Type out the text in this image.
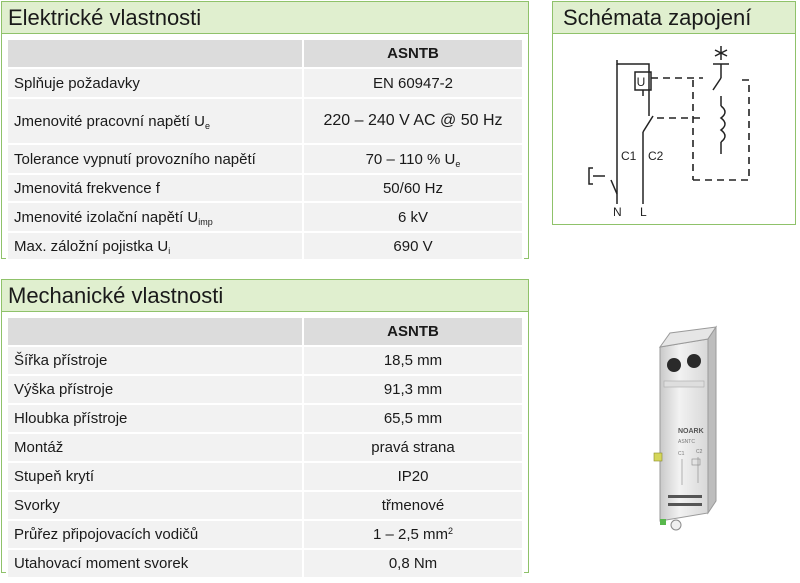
Elektrické vlastnosti
	ASNTB
Splňuje požadavky	EN 60947-2
Jmenovité pracovní napětí $U_e$	220 – 240 V AC @ 50 Hz
Tolerance vypnutí provozního napětí	70 – 110 % $U_e$
Jmenovitá frekvence f	50/60 Hz
Jmenovité izolační napětí $U_{imp}$	6 kV
Max. záložní pojistka $U_i$	690 V
Mechanické vlastnosti
	ASNTB
Šířka přístroje	18,5 mm
Výška přístroje	91,3 mm
Hloubka přístroje	65,5 mm
Montáž	pravá strana
Stupeň krytí	IP20
Svorky	třmenové
Průřez připojovacích vodičů	1 – 2,5 $mm^2$
Utahovací moment svorek	0,8 Nm
Schémata zapojení
U
C1 C2
N L
NOARK
ASNTC
C1 C2
